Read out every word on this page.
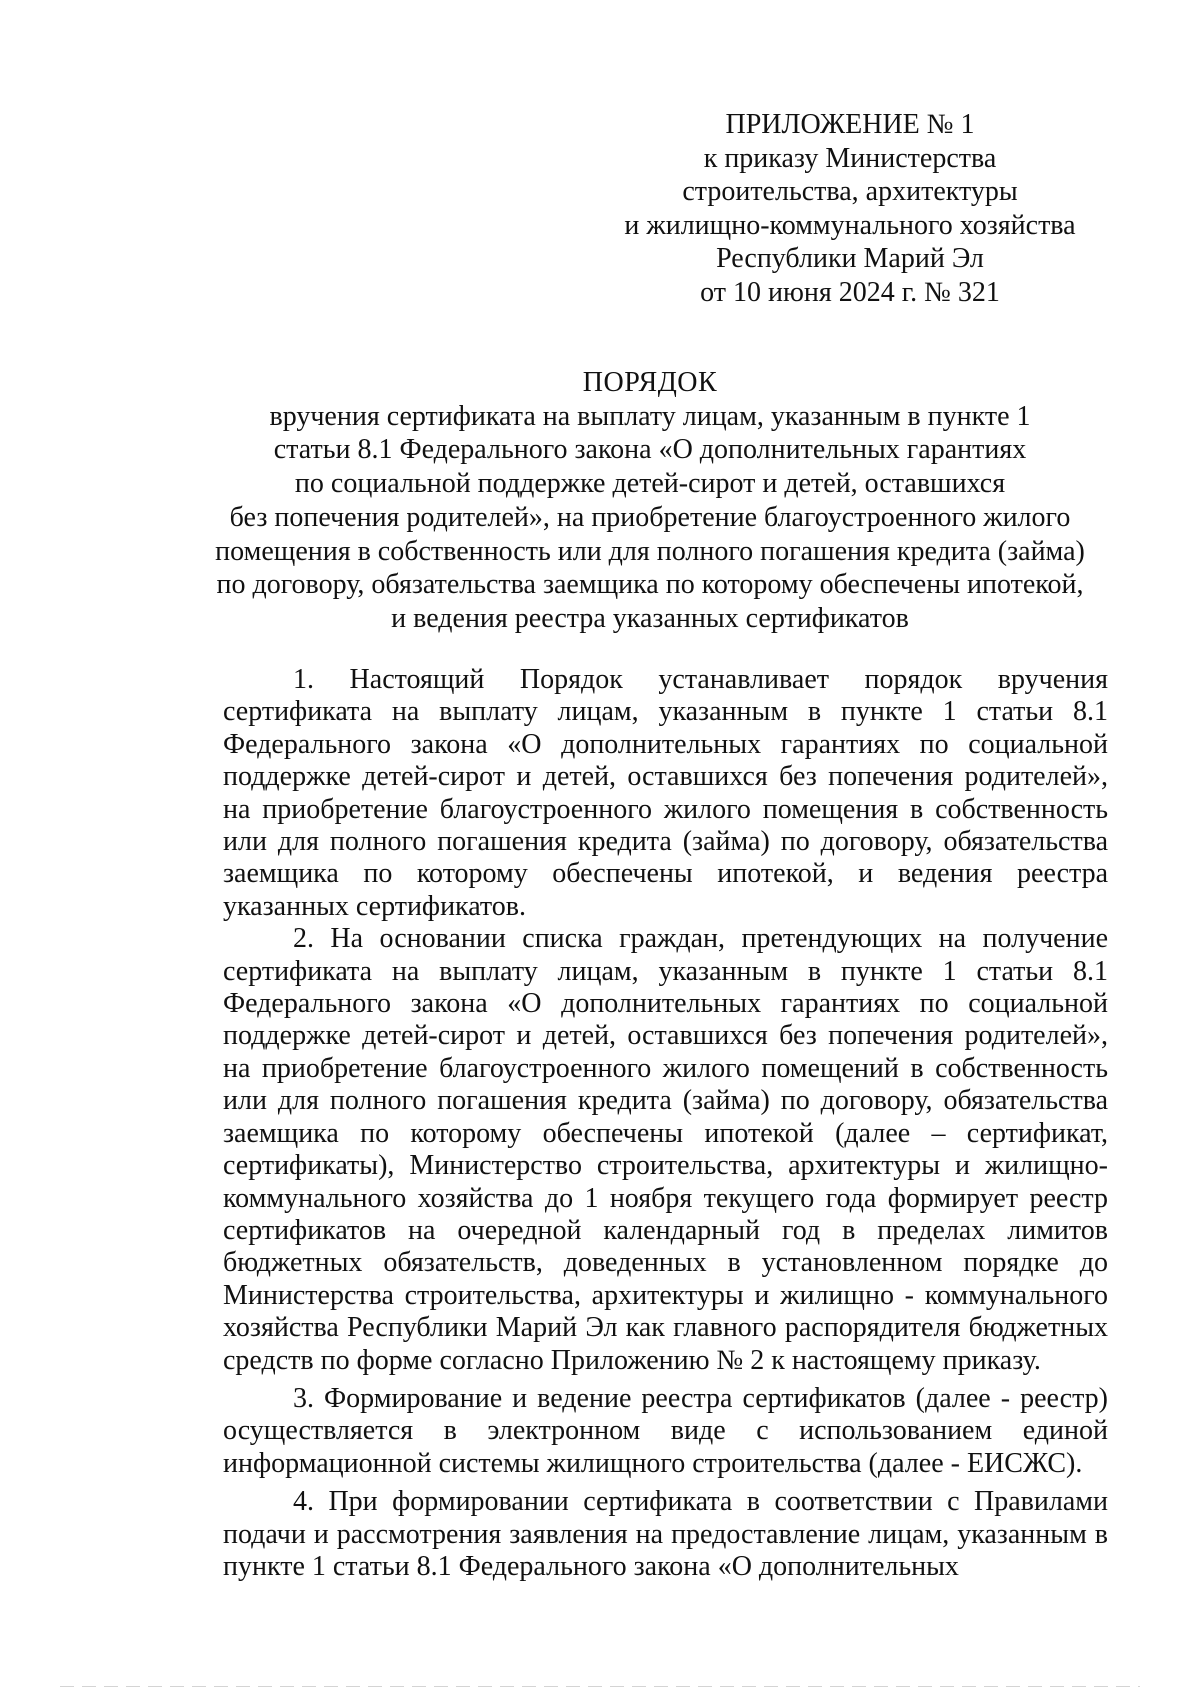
ПРИЛОЖЕНИЕ № 1
к приказу Министерства
строительства, архитектуры
и жилищно-коммунального хозяйства
Республики Марий Эл
от 10 июня 2024 г. № 321
ПОРЯДОК
вручения сертификата на выплату лицам, указанным в пункте 1
статьи 8.1 Федерального закона «О дополнительных гарантиях
по социальной поддержке детей-сирот и детей, оставшихся
без попечения родителей», на приобретение благоустроенного жилого
помещения в собственность или для полного погашения кредита (займа)
по договору, обязательства заемщика по которому обеспечены ипотекой,
и ведения реестра указанных сертификатов

1. Настоящий Порядок устанавливает порядок вручения сертификата на выплату лицам, указанным в пункте 1 статьи 8.1 Федерального закона «О дополнительных гарантиях по социальной поддержке детей-сирот и детей, оставшихся без попечения родителей», на приобретение благоустроенного жилого помещения в собственность или для полного погашения кредита (займа) по договору, обязательства заемщика по которому обеспечены ипотекой, и ведения реестра указанных сертификатов.

2. На основании списка граждан, претендующих на получение сертификата на выплату лицам, указанным в пункте 1 статьи 8.1 Федерального закона «О дополнительных гарантиях по социальной поддержке детей-сирот и детей, оставшихся без попечения родителей», на приобретение благоустроенного жилого помещений в собственность или для полного погашения кредита (займа) по договору, обязательства заемщика по которому обеспечены ипотекой (далее – сертификат, сертификаты), Министерство строительства, архитектуры и жилищно-коммунального хозяйства до 1 ноября текущего года формирует реестр сертификатов на очередной календарный год в пределах лимитов бюджетных обязательств, доведенных в установленном порядке до Министерства строительства, архитектуры и жилищно - коммунального хозяйства Республики Марий Эл как главного распорядителя бюджетных средств по форме согласно Приложению № 2 к настоящему приказу.

3. Формирование и ведение реестра сертификатов (далее - реестр) осуществляется в электронном виде с использованием единой информационной системы жилищного строительства (далее - ЕИСЖС).

4. При формировании сертификата в соответствии с Правилами подачи и рассмотрения заявления на предоставление лицам, указанным в пункте 1 статьи 8.1 Федерального закона «О дополнительных
